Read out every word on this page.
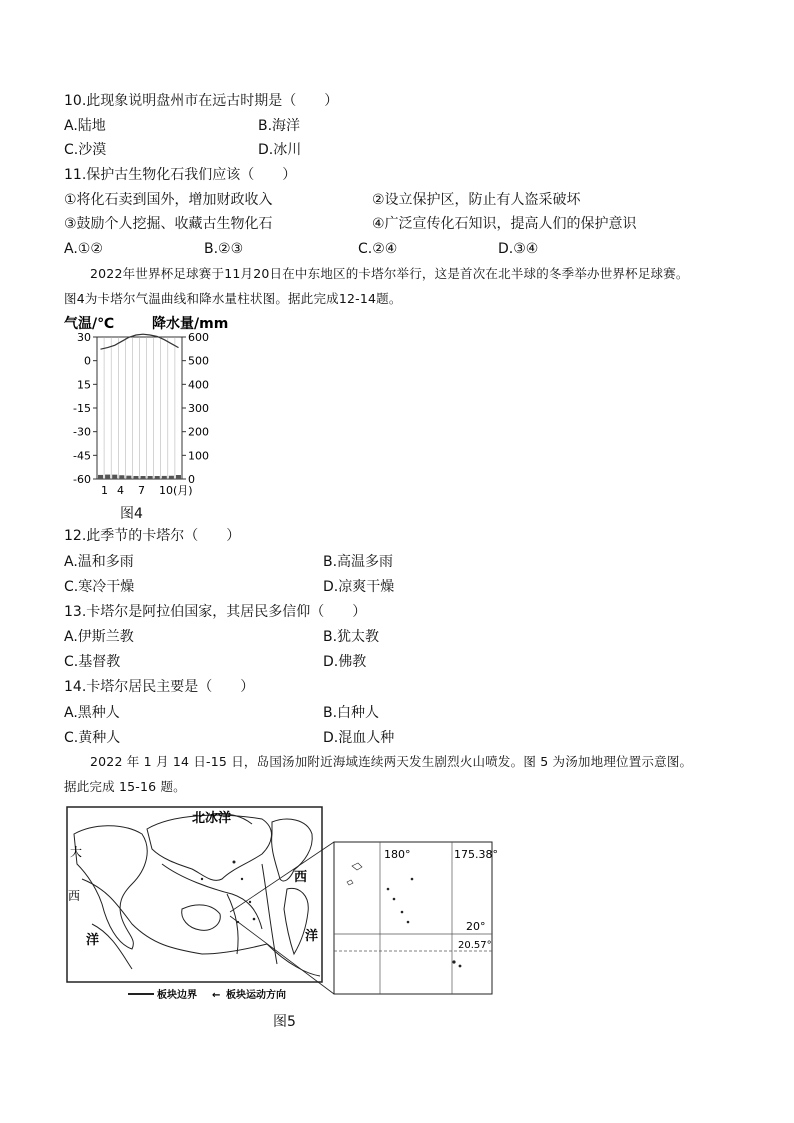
10.此现象说明盘州市在远古时期是（　　）
A.陆地	B.海洋
C.沙漠	D.冰川
11.保护古生物化石我们应该（　　）
①将化石卖到国外，增加财政收入	②设立保护区，防止有人盗采破坏
③鼓励个人挖掘、收藏古生物化石	④广泛宣传化石知识，提高人们的保护意识
A.①②	B.②③	C.②④	D.③④
2022年世界杯足球赛于11月20日在中东地区的卡塔尔举行，这是首次在北半球的冬季举办世界杯足球赛。
图4为卡塔尔气温曲线和降水量柱状图。据此完成12-14题。
气温/℃	降水量/mm
30
0
15
-15
-30
-45
-60
600
500
400
300
200
100
0
1 4 7 10(月)
图4
12.此季节的卡塔尔（　　）
A.温和多雨	B.高温多雨
C.寒冷干燥	D.凉爽干燥
13.卡塔尔是阿拉伯国家，其居民多信仰（　　）
A.伊斯兰教	B.犹太教
C.基督教	D.佛教
14.卡塔尔居民主要是（　　）
A.黑种人	B.白种人
C.黄种人	D.混血人种
2022 年 1 月 14 日-15 日，岛国汤加附近海域连续两天发生剧烈火山喷发。图 5 为汤加地理位置示意图。
据此完成 15-16 题。
北冰洋
大
西
洋
西
洋
180°	175.38°
20°
20.57°
板块边界 ← 板块运动方向
图5
